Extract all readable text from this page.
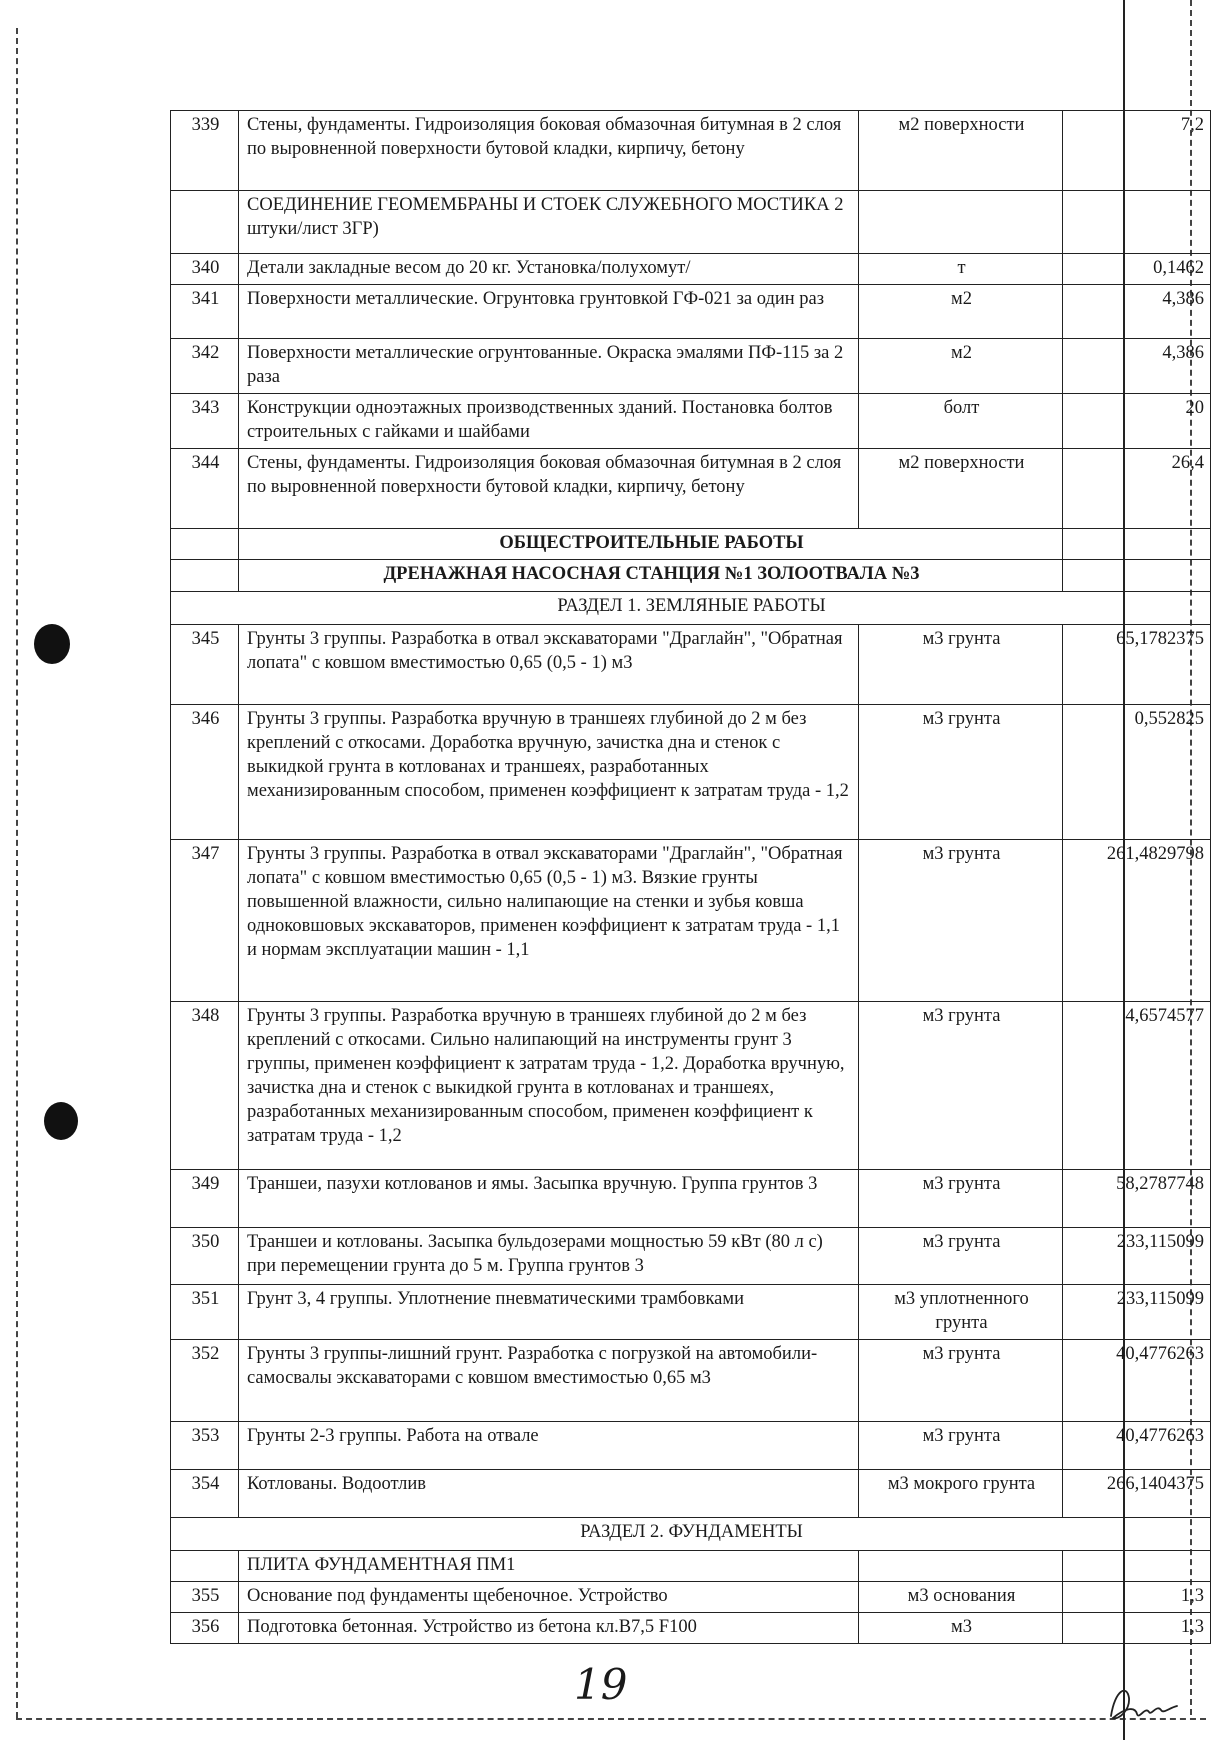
339	Стены, фундаменты. Гидроизоляция боковая обмазочная битумная в 2 слоя по выровненной поверхности бутовой кладки, кирпичу, бетону	м2 поверхности	7,2
	СОЕДИНЕНИЕ ГЕОМЕМБРАНЫ И СТОЕК СЛУЖЕБНОГО МОСТИКА 2 штуки/лист 3ГР)		
340	Детали закладные весом до 20 кг. Установка/полухомут/	т	0,1462
341	Поверхности металлические. Огрунтовка грунтовкой ГФ-021 за один раз	м2	4,386
342	Поверхности металлические огрунтованные. Окраска эмалями ПФ-115 за 2 раза	м2	4,386
343	Конструкции одноэтажных производственных зданий. Постановка болтов строительных с гайками и шайбами	болт	20
344	Стены, фундаменты. Гидроизоляция боковая обмазочная битумная в 2 слоя по выровненной поверхности бутовой кладки, кирпичу, бетону	м2 поверхности	26,4
	ОБЩЕСТРОИТЕЛЬНЫЕ РАБОТЫ		
	ДРЕНАЖНАЯ НАСОСНАЯ СТАНЦИЯ №1 ЗОЛООТВАЛА №3		
РАЗДЕЛ 1. ЗЕМЛЯНЫЕ РАБОТЫ			
345	Грунты 3 группы. Разработка в отвал экскаваторами "Драглайн", "Обратная лопата" с ковшом вместимостью 0,65 (0,5 - 1) м3	м3 грунта	65,1782375
346	Грунты 3 группы. Разработка вручную в траншеях глубиной до 2 м без креплений с откосами. Доработка вручную, зачистка дна и стенок с выкидкой грунта в котлованах и траншеях, разработанных механизированным способом, применен коэффициент к затратам труда - 1,2	м3 грунта	0,552825
347	Грунты 3 группы. Разработка в отвал экскаваторами "Драглайн", "Обратная лопата" с ковшом вместимостью 0,65 (0,5 - 1) м3. Вязкие грунты повышенной влажности, сильно налипающие на стенки и зубья ковша одноковшовых экскаваторов, применен коэффициент к затратам труда - 1,1 и нормам эксплуатации машин - 1,1	м3 грунта	261,4829798
348	Грунты 3 группы. Разработка вручную в траншеях глубиной до 2 м без креплений с откосами. Сильно налипающий на инструменты грунт 3 группы, применен коэффициент к затратам труда - 1,2. Доработка вручную, зачистка дна и стенок с выкидкой грунта в котлованах и траншеях, разработанных механизированным способом, применен коэффициент к затратам труда - 1,2	м3 грунта	4,6574577
349	Траншеи, пазухи котлованов и ямы. Засыпка вручную. Группа грунтов 3	м3 грунта	58,2787748
350	Траншеи и котлованы. Засыпка бульдозерами мощностью 59 кВт (80 л с) при перемещении грунта до 5 м. Группа грунтов 3	м3 грунта	233,115099
351	Грунт 3, 4 группы. Уплотнение пневматическими трамбовками	м3 уплотненного грунта	233,115099
352	Грунты 3 группы-лишний грунт. Разработка с погрузкой на автомобили-самосвалы экскаваторами с ковшом вместимостью 0,65 м3	м3 грунта	40,4776263
353	Грунты 2-3 группы. Работа на отвале	м3 грунта	40,4776263
354	Котлованы. Водоотлив	м3 мокрого грунта	266,1404375
РАЗДЕЛ 2. ФУНДАМЕНТЫ			
	ПЛИТА ФУНДАМЕНТНАЯ ПМ1		
355	Основание под фундаменты щебеночное. Устройство	м3 основания	1,3
356	Подготовка бетонная. Устройство из бетона кл.В7,5 F100	м3	1,3
19
